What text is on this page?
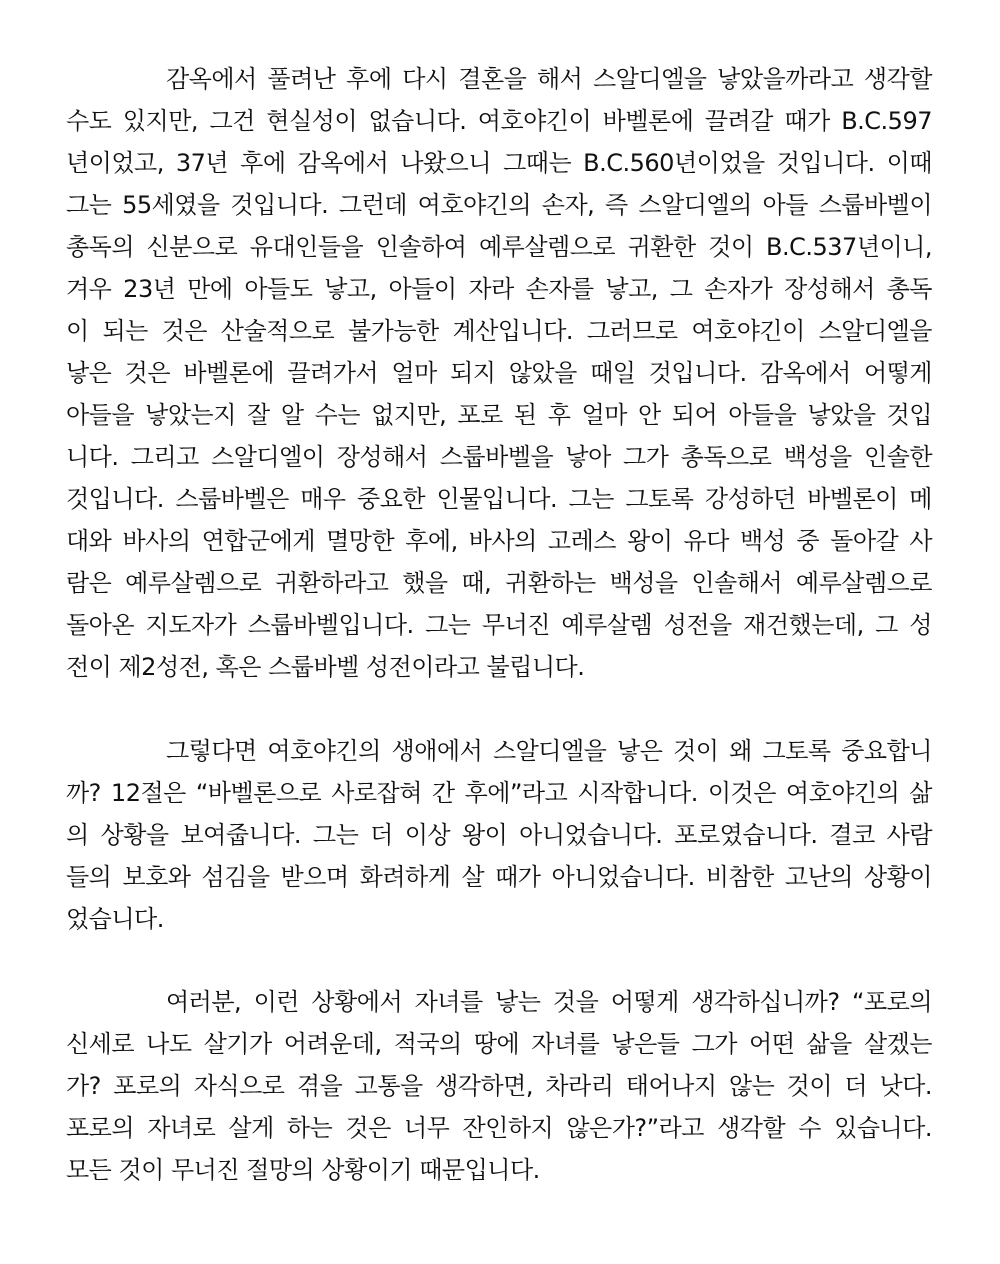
감옥에서 풀려난 후에 다시 결혼을 해서 스알디엘을 낳았을까라고 생각할
수도 있지만, 그건 현실성이 없습니다. 여호야긴이 바벨론에 끌려갈 때가 B.C.597
년이었고, 37년 후에 감옥에서 나왔으니 그때는 B.C.560년이었을 것입니다. 이때
그는 55세였을 것입니다. 그런데 여호야긴의 손자, 즉 스알디엘의 아들 스룹바벨이
총독의 신분으로 유대인들을 인솔하여 예루살렘으로 귀환한 것이 B.C.537년이니,
겨우 23년 만에 아들도 낳고, 아들이 자라 손자를 낳고, 그 손자가 장성해서 총독
이 되는 것은 산술적으로 불가능한 계산입니다. 그러므로 여호야긴이 스알디엘을
낳은 것은 바벨론에 끌려가서 얼마 되지 않았을 때일 것입니다. 감옥에서 어떻게
아들을 낳았는지 잘 알 수는 없지만, 포로 된 후 얼마 안 되어 아들을 낳았을 것입
니다. 그리고 스알디엘이 장성해서 스룹바벨을 낳아 그가 총독으로 백성을 인솔한
것입니다. 스룹바벨은 매우 중요한 인물입니다. 그는 그토록 강성하던 바벨론이 메
대와 바사의 연합군에게 멸망한 후에, 바사의 고레스 왕이 유다 백성 중 돌아갈 사
람은 예루살렘으로 귀환하라고 했을 때, 귀환하는 백성을 인솔해서 예루살렘으로
돌아온 지도자가 스룹바벨입니다. 그는 무너진 예루살렘 성전을 재건했는데, 그 성
전이 제2성전, 혹은 스룹바벨 성전이라고 불립니다.
그렇다면 여호야긴의 생애에서 스알디엘을 낳은 것이 왜 그토록 중요합니
까? 12절은 “바벨론으로 사로잡혀 간 후에”라고 시작합니다. 이것은 여호야긴의 삶
의 상황을 보여줍니다. 그는 더 이상 왕이 아니었습니다. 포로였습니다. 결코 사람
들의 보호와 섬김을 받으며 화려하게 살 때가 아니었습니다. 비참한 고난의 상황이
었습니다.
여러분, 이런 상황에서 자녀를 낳는 것을 어떻게 생각하십니까? “포로의
신세로 나도 살기가 어려운데, 적국의 땅에 자녀를 낳은들 그가 어떤 삶을 살겠는
가? 포로의 자식으로 겪을 고통을 생각하면, 차라리 태어나지 않는 것이 더 낫다.
포로의 자녀로 살게 하는 것은 너무 잔인하지 않은가?”라고 생각할 수 있습니다.
모든 것이 무너진 절망의 상황이기 때문입니다.
